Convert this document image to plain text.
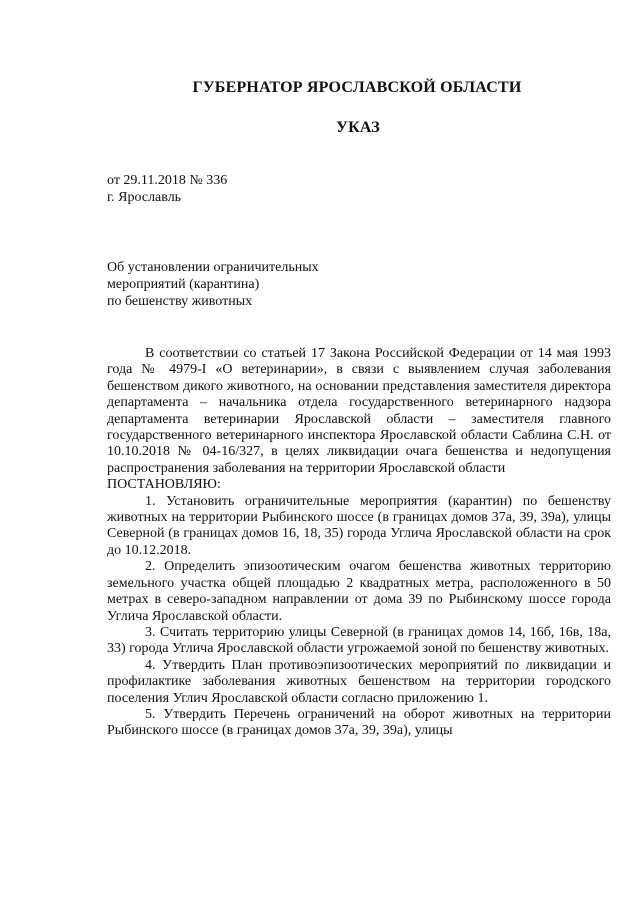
ГУБЕРНАТОР ЯРОСЛАВСКОЙ ОБЛАСТИ
УКАЗ
от 29.11.2018 № 336
г. Ярославль
Об установлении ограничительных
мероприятий (карантина)
по бешенству животных

В соответствии со статьей 17 Закона Российской Федерации от 14 мая 1993 года № 4979-I «О ветеринарии», в связи с выявлением случая заболевания бешенством дикого животного, на основании представления заместителя директора департамента – начальника отдела государственного ветеринарного надзора департамента ветеринарии Ярославской области – заместителя главного государственного ветеринарного инспектора Ярославской области Саблина С.Н. от 10.10.2018 № 04-16/327, в целях ликвидации очага бешенства и недопущения распространения заболевания на территории Ярославской области

ПОСТАНОВЛЯЮ:

1. Установить ограничительные мероприятия (карантин) по бешенству животных на территории Рыбинского шоссе (в границах домов 37а, 39, 39а), улицы Северной (в границах домов 16, 18, 35) города Углича Ярославской области на срок до 10.12.2018.

2. Определить эпизоотическим очагом бешенства животных территорию земельного участка общей площадью 2 квадратных метра, расположенного в 50 метрах в северо-западном направлении от дома 39 по Рыбинскому шоссе города Углича Ярославской области.

3. Считать территорию улицы Северной (в границах домов 14, 16б, 16в, 18а, 33) города Углича Ярославской области угрожаемой зоной по бешенству животных.

4. Утвердить План противоэпизоотических мероприятий по ликвидации и профилактике заболевания животных бешенством на территории городского поселения Углич Ярославской области согласно приложению 1.

5. Утвердить Перечень ограничений на оборот животных на территории Рыбинского шоссе (в границах домов 37а, 39, 39а), улицы
